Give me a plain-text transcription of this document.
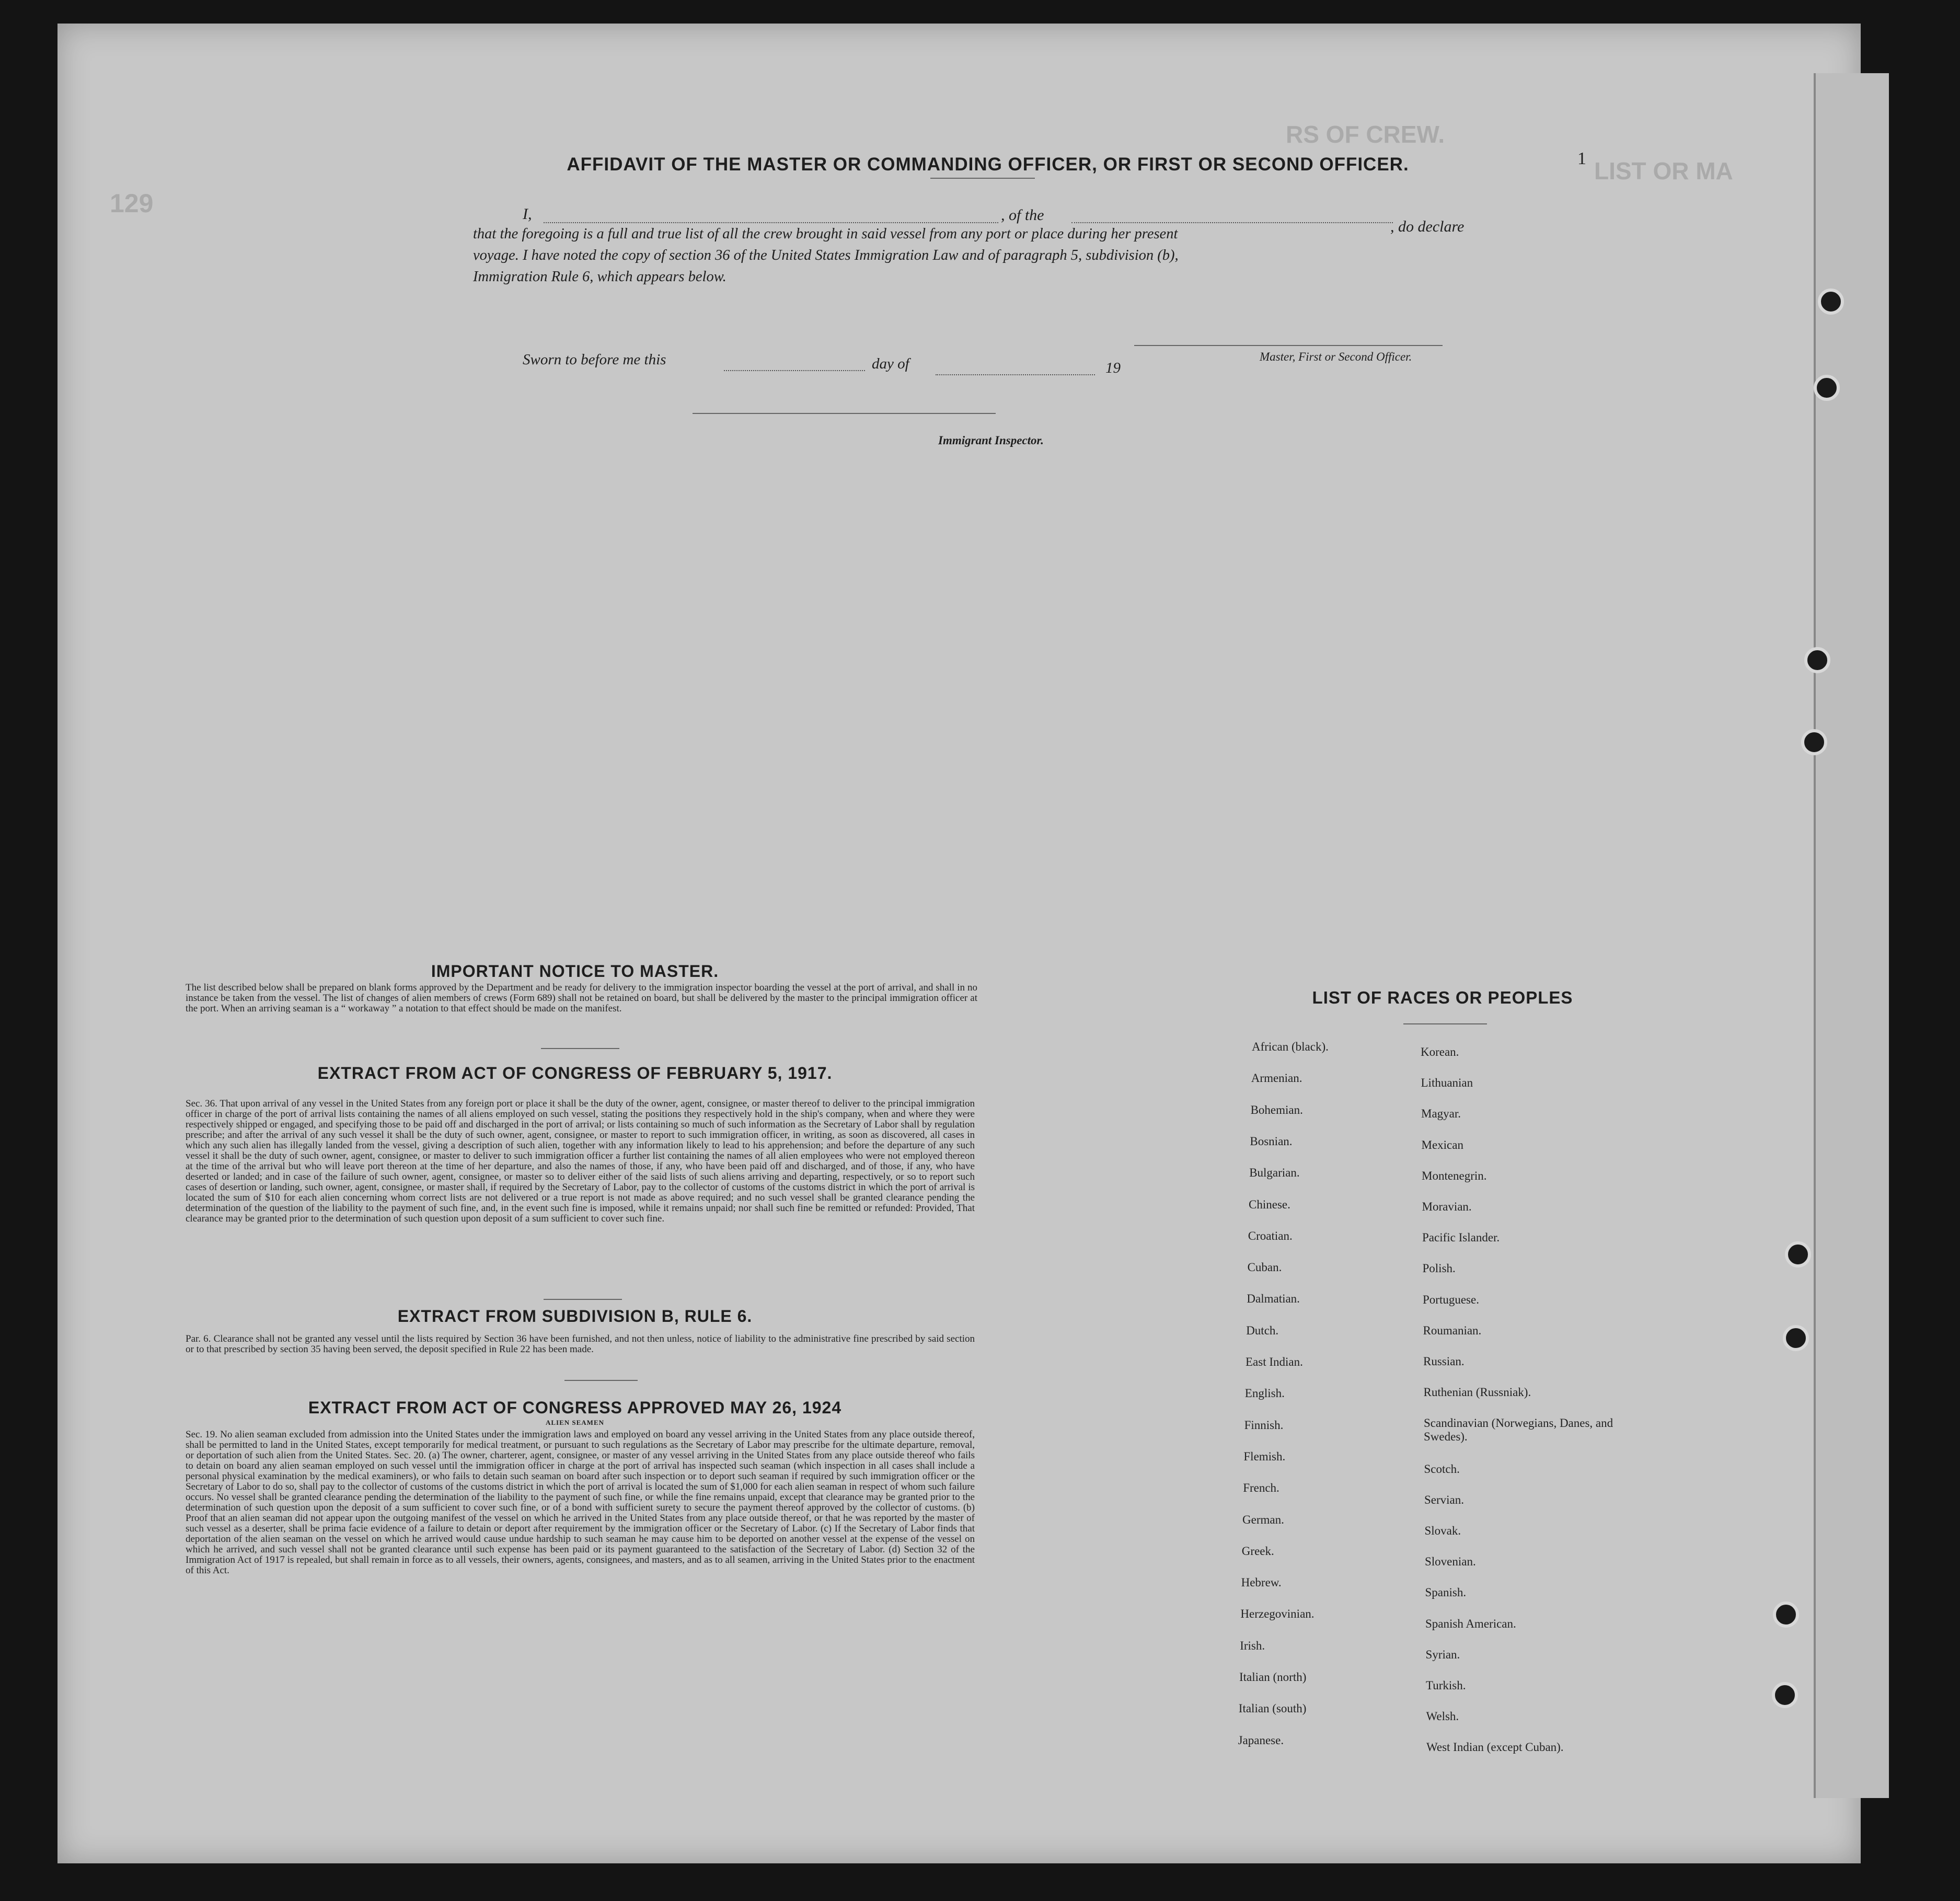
LIST OR MA
RS OF CREW.
129
AFFIDAVIT OF THE MASTER OR COMMANDING OFFICER, OR FIRST OR SECOND OFFICER.	1
I,	, of the
, do declare
that the foregoing is a full and true list of all the crew brought in said vessel from any port or place during her present
voyage. I have noted the copy of section 36 of the United States Immigration Law and of paragraph 5, subdivision (b),
Immigration Rule 6, which appears below.
Master, First or Second Officer.
Sworn to before me this	day of	19
Immigrant Inspector.
IMPORTANT NOTICE TO MASTER.
The list described below shall be prepared on blank forms approved by the Department and be ready for delivery to the immigration inspector boarding the vessel at the port of arrival, and shall in no instance be taken from the vessel. The list of changes of alien members of crews (Form 689) shall not be retained on board, but shall be delivered by the master to the principal immigration officer at the port. When an arriving seaman is a “ workaway ” a notation to that effect should be made on the manifest.
EXTRACT FROM ACT OF CONGRESS OF FEBRUARY 5, 1917.
Sec. 36. That upon arrival of any vessel in the United States from any foreign port or place it shall be the duty of the owner, agent, consignee, or master thereof to deliver to the principal immigration officer in charge of the port of arrival lists containing the names of all aliens employed on such vessel, stating the positions they respectively hold in the ship's company, when and where they were respectively shipped or engaged, and specifying those to be paid off and discharged in the port of arrival; or lists containing so much of such information as the Secretary of Labor shall by regulation prescribe; and after the arrival of any such vessel it shall be the duty of such owner, agent, consignee, or master to report to such immigration officer, in writing, as soon as discovered, all cases in which any such alien has illegally landed from the vessel, giving a description of such alien, together with any information likely to lead to his apprehension; and before the departure of any such vessel it shall be the duty of such owner, agent, consignee, or master to deliver to such immigration officer a further list containing the names of all alien employees who were not employed thereon at the time of the arrival but who will leave port thereon at the time of her departure, and also the names of those, if any, who have been paid off and discharged, and of those, if any, who have deserted or landed; and in case of the failure of such owner, agent, consignee, or master so to deliver either of the said lists of such aliens arriving and departing, respectively, or so to report such cases of desertion or landing, such owner, agent, consignee, or master shall, if required by the Secretary of Labor, pay to the collector of customs of the customs district in which the port of arrival is located the sum of $10 for each alien concerning whom correct lists are not delivered or a true report is not made as above required; and no such vessel shall be granted clearance pending the determination of the question of the liability to the payment of such fine, and, in the event such fine is imposed, while it remains unpaid; nor shall such fine be remitted or refunded: Provided, That clearance may be granted prior to the determination of such question upon deposit of a sum sufficient to cover such fine.
EXTRACT FROM SUBDIVISION B, RULE 6.
Par. 6. Clearance shall not be granted any vessel until the lists required by Section 36 have been furnished, and not then unless, notice of liability to the administrative fine prescribed by said section or to that prescribed by section 35 having been served, the deposit specified in Rule 22 has been made.
EXTRACT FROM ACT OF CONGRESS APPROVED MAY 26, 1924
ALIEN SEAMEN
Sec. 19. No alien seaman excluded from admission into the United States under the immigration laws and employed on board any vessel arriving in the United States from any place outside thereof, shall be permitted to land in the United States, except temporarily for medical treatment, or pursuant to such regulations as the Secretary of Labor may prescribe for the ultimate departure, removal, or deportation of such alien from the United States. Sec. 20. (a) The owner, charterer, agent, consignee, or master of any vessel arriving in the United States from any place outside thereof who fails to detain on board any alien seaman employed on such vessel until the immigration officer in charge at the port of arrival has inspected such seaman (which inspection in all cases shall include a personal physical examination by the medical examiners), or who fails to detain such seaman on board after such inspection or to deport such seaman if required by such immigration officer or the Secretary of Labor to do so, shall pay to the collector of customs of the customs district in which the port of arrival is located the sum of $1,000 for each alien seaman in respect of whom such failure occurs. No vessel shall be granted clearance pending the determination of the liability to the payment of such fine, or while the fine remains unpaid, except that clearance may be granted prior to the determination of such question upon the deposit of a sum sufficient to cover such fine, or of a bond with sufficient surety to secure the payment thereof approved by the collector of customs. (b) Proof that an alien seaman did not appear upon the outgoing manifest of the vessel on which he arrived in the United States from any place outside thereof, or that he was reported by the master of such vessel as a deserter, shall be prima facie evidence of a failure to detain or deport after requirement by the immigration officer or the Secretary of Labor. (c) If the Secretary of Labor finds that deportation of the alien seaman on the vessel on which he arrived would cause undue hardship to such seaman he may cause him to be deported on another vessel at the expense of the vessel on which he arrived, and such vessel shall not be granted clearance until such expense has been paid or its payment guaranteed to the satisfaction of the Secretary of Labor. (d) Section 32 of the Immigration Act of 1917 is repealed, but shall remain in force as to all vessels, their owners, agents, consignees, and masters, and as to all seamen, arriving in the United States prior to the enactment of this Act.
LIST OF RACES OR PEOPLES
African (black).
Armenian.
Bohemian.
Bosnian.
Bulgarian.
Chinese.
Croatian.
Cuban.
Dalmatian.
Dutch.
East Indian.
English.
Finnish.
Flemish.
French.
German.
Greek.
Hebrew.
Herzegovinian.
Irish.
Italian (north)
Italian (south)
Japanese.
Korean.
Lithuanian
Magyar.
Mexican
Montenegrin.
Moravian.
Pacific Islander.
Polish.
Portuguese.
Roumanian.
Russian.
Ruthenian (Russniak).
Scandinavian (Norwegians, Danes, and Swedes).
Scotch.
Servian.
Slovak.
Slovenian.
Spanish.
Spanish American.
Syrian.
Turkish.
Welsh.
West Indian (except Cuban).
